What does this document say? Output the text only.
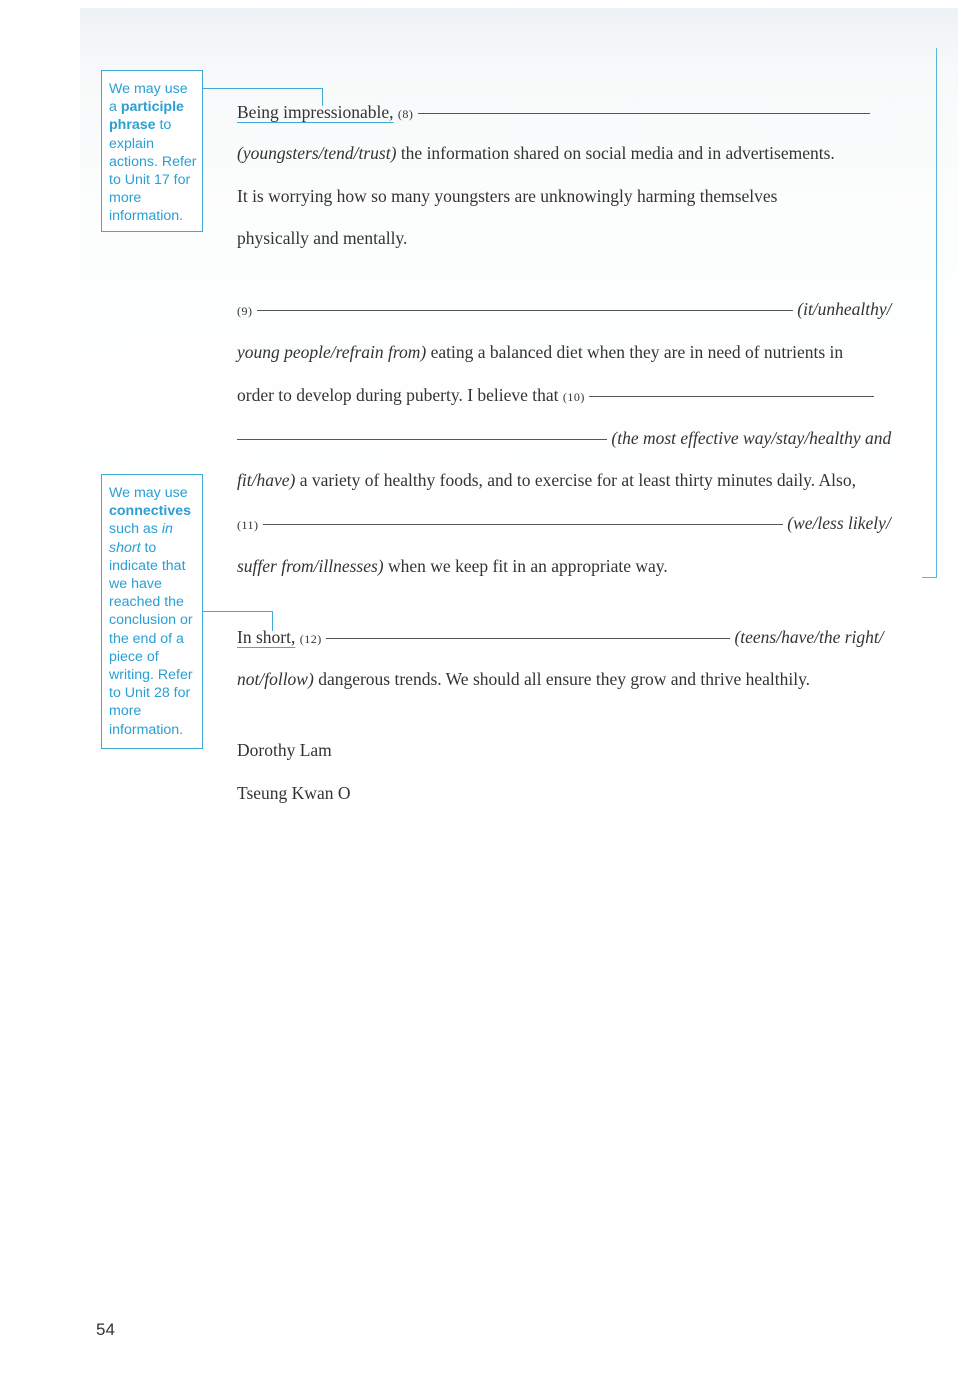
We may use a participle phrase to explain actions. Refer to Unit 17 for more information.
We may use connectives such as in short to indicate that we have reached the conclusion or the end of a piece of writing. Refer to Unit 28 for more information.
Being impressionable, (8)
(youngsters/tend/trust) the information shared on social media and in advertisements.
It is worrying how so many youngsters are unknowingly harming themselves
physically and mentally.
(9)	(it/unhealthy/
young people/refrain from) eating a balanced diet when they are in need of nutrients in
order to develop during puberty. I believe that (10)
(the most effective way/stay/healthy and
fit/have) a variety of healthy foods, and to exercise for at least thirty minutes daily. Also,
(11)	(we/less likely/
suffer from/illnesses) when we keep fit in an appropriate way.
In short, (12)	(teens/have/the right/
not/follow) dangerous trends. We should all ensure they grow and thrive healthily.
Dorothy Lam
Tseung Kwan O
54
